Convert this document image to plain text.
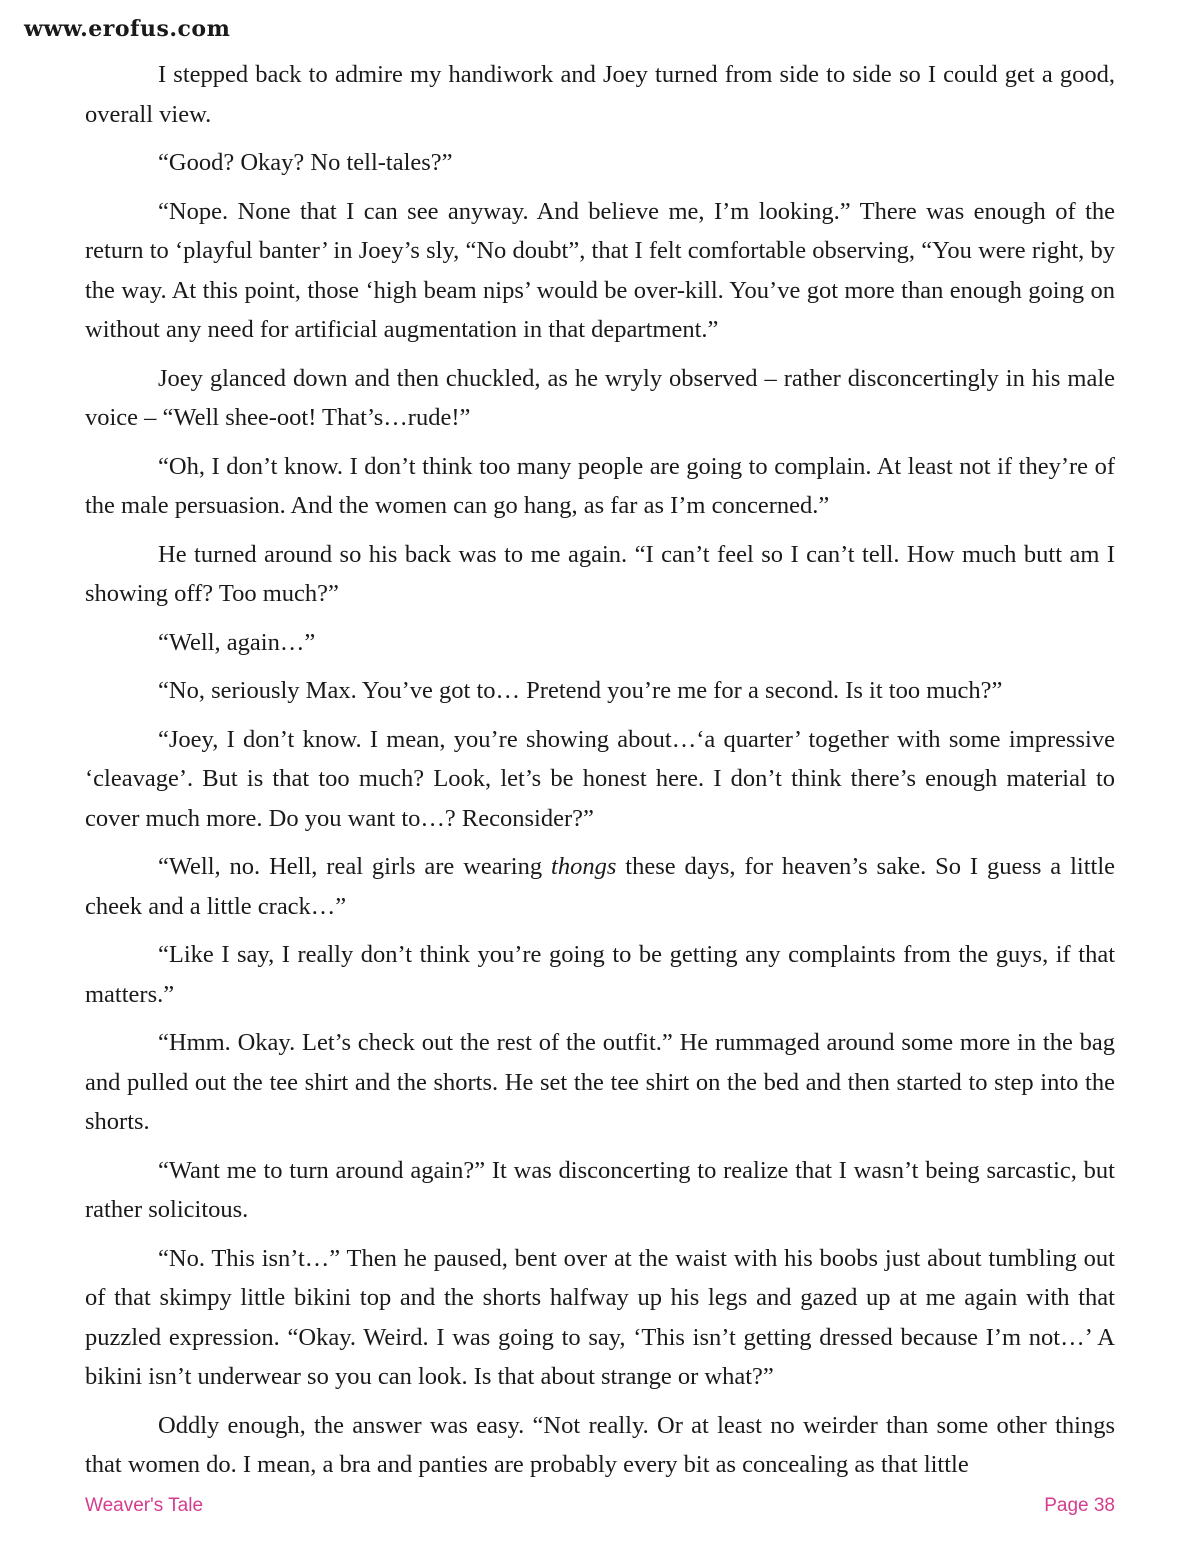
www.erofus.com

I stepped back to admire my handiwork and Joey turned from side to side so I could get a good, overall view.

“Good? Okay? No tell-tales?”

“Nope. None that I can see anyway. And believe me, I’m looking.” There was enough of the return to ‘playful banter’ in Joey’s sly, “No doubt”, that I felt comfortable observing, “You were right, by the way. At this point, those ‘high beam nips’ would be over-kill. You’ve got more than enough going on without any need for artificial augmentation in that department.”

Joey glanced down and then chuckled, as he wryly observed – rather disconcertingly in his male voice – “Well shee-oot! That’s…rude!”

“Oh, I don’t know. I don’t think too many people are going to complain. At least not if they’re of the male persuasion. And the women can go hang, as far as I’m concerned.”

He turned around so his back was to me again. “I can’t feel so I can’t tell. How much butt am I showing off? Too much?”

“Well, again…”

“No, seriously Max. You’ve got to… Pretend you’re me for a second. Is it too much?”

“Joey, I don’t know. I mean, you’re showing about…‘a quarter’ together with some impressive ‘cleavage’. But is that too much? Look, let’s be honest here. I don’t think there’s enough material to cover much more. Do you want to…? Reconsider?”

“Well, no. Hell, real girls are wearing thongs these days, for heaven’s sake. So I guess a little cheek and a little crack…”

“Like I say, I really don’t think you’re going to be getting any complaints from the guys, if that matters.”

“Hmm. Okay. Let’s check out the rest of the outfit.” He rummaged around some more in the bag and pulled out the tee shirt and the shorts. He set the tee shirt on the bed and then started to step into the shorts.

“Want me to turn around again?” It was disconcerting to realize that I wasn’t being sarcastic, but rather solicitous.

“No. This isn’t…” Then he paused, bent over at the waist with his boobs just about tumbling out of that skimpy little bikini top and the shorts halfway up his legs and gazed up at me again with that puzzled expression. “Okay. Weird. I was going to say, ‘This isn’t getting dressed because I’m not…’ A bikini isn’t underwear so you can look. Is that about strange or what?”

Oddly enough, the answer was easy. “Not really. Or at least no weirder than some other things that women do. I mean, a bra and panties are probably every bit as concealing as that little

Weaver's Tale	Page 38
